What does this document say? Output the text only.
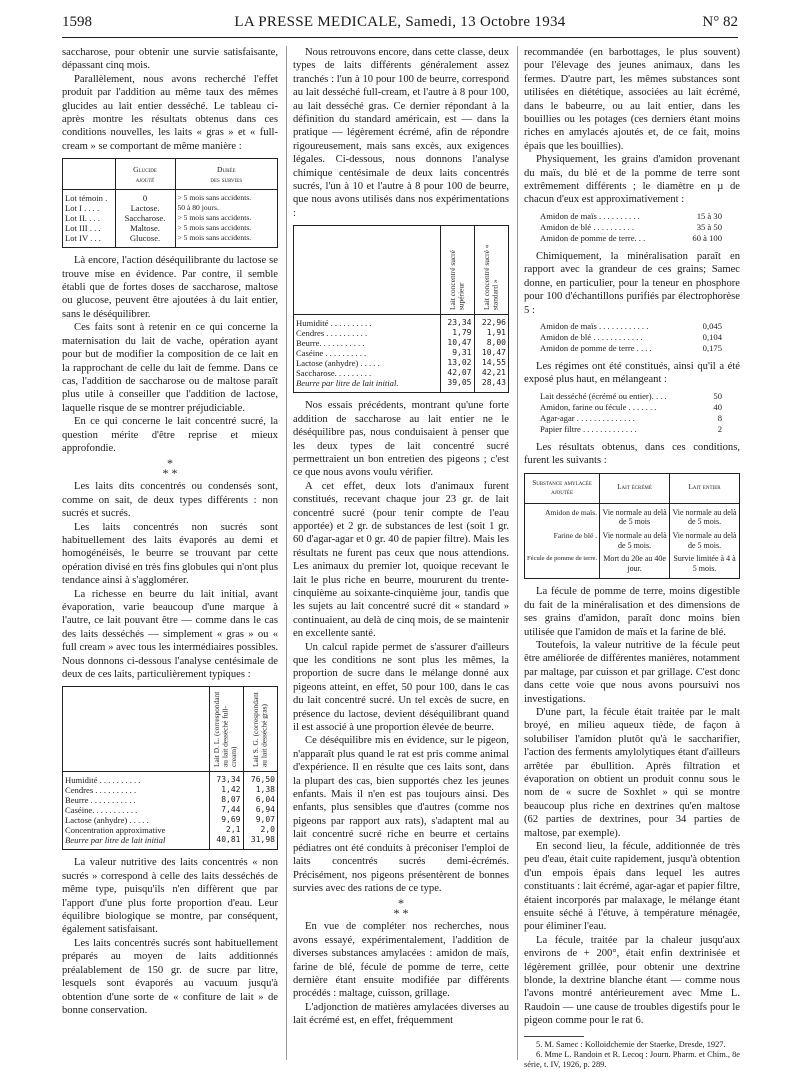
1598	LA PRESSE MEDICALE, Samedi, 13 Octobre 1934	N° 82

saccharose, pour obtenir une survie satisfaisante, dépassant cinq mois.

Parallèlement, nous avons recherché l'effet produit par l'addition au même taux des mêmes glucides au lait entier desséché. Le tableau ci-après montre les résultats obtenus dans ces conditions nouvelles, les laits « gras » et « full-cream » se comportant de même manière :

	Glucide
ajouté	Durée
des survies
Lot témoin .	0	> 5 mois sans accidents.
Lot I . . . .	Lactose.	50 à 80 jours.
Lot II. . . .	Saccharose.	> 5 mois sans accidents.
Lot III . . .	Maltose.	> 5 mois sans accidents.
Lot IV . . .	Glucose.	> 5 mois sans accidents.

Là encore, l'action déséquilibrante du lactose se trouve mise en évidence. Par contre, il semble établi que de fortes doses de saccharose, maltose ou glucose, peuvent être ajoutées à du lait entier, sans le déséquilibrer.

Ces faits sont à retenir en ce qui concerne la maternisation du lait de vache, opération ayant pour but de modifier la composition de ce lait en la rapprochant de celle du lait de femme. Dans ce cas, l'addition de saccharose ou de maltose paraît plus utile à conseiller que l'addition de lactose, laquelle risque de se montrer préjudiciable.

En ce qui concerne le lait concentré sucré, la question mérite d'être reprise et mieux approfondie.

*
* *

Les laits dits concentrés ou condensés sont, comme on sait, de deux types différents : non sucrés et sucrés.

Les laits concentrés non sucrés sont habituellement des laits évaporés au demi et homogénéisés, le beurre se trouvant par cette opération divisé en très fins globules qui n'ont plus tendance ainsi à s'agglomérer.

La richesse en beurre du lait initial, avant évaporation, varie beaucoup d'une marque à l'autre, ce lait pouvant être — comme dans le cas des laits desséchés — simplement « gras » ou « full cream » avec tous les intermédiaires possibles. Nous donnons ci-dessous l'analyse centésimale de deux de ces laits, particulièrement typiques :

	Lait D. L. (correspondant au lait desséché full-cream)	Lait S. G. (correspondant au lait desséché gras)

Humidité . . . . . . . . . .	73,34	76,50
Cendres . . . . . . . . . .	1,42	1,38
Beurre . . . . . . . . . . .	8,07	6,04
Caséine. . . . . . . . . . .	7,44	6,94
Lactose (anhydre) . . . . .	9,69	9,07
Concentration approximative	2,1	2,0
Beurre par litre de lait initial	40,81	31,98

La valeur nutritive des laits concentrés « non sucrés » correspond à celle des laits desséchés de même type, puisqu'ils n'en diffèrent que par l'apport d'une plus forte proportion d'eau. Leur équilibre biologique se montre, par conséquent, également satisfaisant.

Les laits concentrés sucrés sont habituellement préparés au moyen de laits additionnés préalablement de 150 gr. de sucre par litre, lesquels sont évaporés au vacuum jusqu'à obtention d'une sorte de « confiture de lait » de bonne conservation.

Nous retrouvons encore, dans cette classe, deux types de laits différents généralement assez tranchés : l'un à 10 pour 100 de beurre, correspond au lait desséché full-cream, et l'autre à 8 pour 100, au lait desséché gras. Ce dernier répondant à la définition du standard américain, est — dans la pratique — légèrement écrémé, afin de répondre rigoureusement, mais sans excès, aux exigences légales. Ci-dessous, nous donnons l'analyse chimique centésimale de deux laits concentrés sucrés, l'un à 10 et l'autre à 8 pour 100 de beurre, que nous avons utilisés dans nos expérimentations :

	Lait concentré sucré supérieur	Lait concentré sucré « standard »

Humidité . . . . . . . . . .	23,34	22,96
Cendres . . . . . . . . . .	1,79	1,91
Beurre. . . . . . . . . . .	10,47	8,00
Caséine . . . . . . . . . .	9,31	10,47
Lactose (anhydre) . . . . .	13,02	14,55
Saccharose. . . . . . . . .	42,07	42,21
Beurre par litre de lait initial.	39,05	28,43

Nos essais précédents, montrant qu'une forte addition de saccharose au lait entier ne le déséquilibre pas, nous conduisaient à penser que les deux types de lait concentré sucré permettraient un bon entretien des pigeons ; c'est ce que nous avons voulu vérifier.

A cet effet, deux lots d'animaux furent constitués, recevant chaque jour 23 gr. de lait concentré sucré (pour tenir compte de l'eau apportée) et 2 gr. de substances de lest (soit 1 gr. 60 d'agar-agar et 0 gr. 40 de papier filtre). Mais les résultats ne furent pas ceux que nous attendions. Les animaux du premier lot, quoique recevant le lait le plus riche en beurre, moururent du trente-cinquième au soixante-cinquième jour, tandis que les sujets au lait concentré sucré dit « standard » continuaient, au delà de cinq mois, de se maintenir en excellente santé.

Un calcul rapide permet de s'assurer d'ailleurs que les conditions ne sont plus les mêmes, la proportion de sucre dans le mélange donné aux pigeons atteint, en effet, 50 pour 100, dans le cas du lait concentré sucré. Un tel excès de sucre, en présence du lactose, devient déséquilibrant quand il est associé à une proportion élevée de beurre.

Ce déséquilibre mis en évidence, sur le pigeon, n'apparaît plus quand le rat est pris comme animal d'expérience. Il en résulte que ces laits sont, dans la plupart des cas, bien supportés chez les jeunes enfants. Mais il n'en est pas toujours ainsi. Des enfants, plus sensibles que d'autres (comme nos pigeons par rapport aux rats), s'adaptent mal au lait concentré sucré riche en beurre et certains pédiatres ont été conduits à préconiser l'emploi de laits concentrés sucrés demi-écrémés. Précisément, nos pigeons présentèrent de bonnes survies avec des rations de ce type.

*
* *

En vue de compléter nos recherches, nous avons essayé, expérimentalement, l'addition de diverses substances amylacées : amidon de maïs, farine de blé, fécule de pomme de terre, cette dernière étant ensuite modifiée par différents procédés : maltage, cuisson, grillage.

L'adjonction de matières amylacées diverses au lait écrémé est, en effet, fréquemment

recommandée (en barbottages, le plus souvent) pour l'élevage des jeunes animaux, dans les fermes. D'autre part, les mêmes substances sont utilisées en diététique, associées au lait écrémé, dans le babeurre, ou au lait entier, dans les bouillies ou les potages (ces derniers étant moins riches en amylacés ajoutés et, de ce fait, moins épais que les bouillies).

Physiquement, les grains d'amidon provenant du maïs, du blé et de la pomme de terre sont extrêmement différents ; le diamètre en µ de chacun d'eux est approximativement :

Amidon de maïs . . . . . . . . . .	15 à 30
Amidon de blé . . . . . . . . . .	35 à 50
Amidon de pomme de terre. . .	60 à 100

Chimiquement, la minéralisation paraît en rapport avec la grandeur de ces grains; Samec donne, en particulier, pour la teneur en phosphore pour 100 d'échantillons purifiés par électrophorèse 5 :

Amidon de maïs . . . . . . . . . . . .	0,045
Amidon de blé . . . . . . . . . . . .	0,104
Amidon de pomme de terre . . . .	0,175

Les régimes ont été constitués, ainsi qu'il a été exposé plus haut, en mélangeant :

Lait desséché (écrémé ou entier). . . .	50
Amidon, farine ou fécule . . . . . . .	40
Agar-agar . . . . . . . . . . . . . .	8
Papier filtre . . . . . . . . . . . . .	2

Les résultats obtenus, dans ces conditions, furent les suivants :

Substance amylacée ajoutée	Lait écrémé	Lait entier
Amidon de maïs.	Vie normale au delà de 5 mois	Vie normale au delà de 5 mois.
Farine de blé .	Vie normale au delà de 5 mois.	Vie normale au delà de 5 mois.
Fécule de pomme de terre.	Mort du 20e au 40e jour.	Survie limitée à 4 à 5 mois.

La fécule de pomme de terre, moins digestible du fait de la minéralisation et des dimensions de ses grains d'amidon, paraît donc moins bien utilisée que l'amidon de maïs et la farine de blé.

Toutefois, la valeur nutritive de la fécule peut être améliorée de différentes manières, notamment par maltage, par cuisson et par grillage. C'est donc dans cette voie que nous avons poursuivi nos investigations.

D'une part, la fécule était traitée par le malt broyé, en milieu aqueux tiède, de façon à solubiliser l'amidon plutôt qu'à le saccharifier, l'action des ferments amylolytiques étant d'ailleurs arrêtée par ébullition. Après filtration et évaporation on obtient un produit connu sous le nom de « sucre de Soxhlet » qui se montre beaucoup plus riche en dextrines qu'en maltose (62 parties de dextrines, pour 34 parties de maltose, par exemple).

En second lieu, la fécule, additionnée de très peu d'eau, était cuite rapidement, jusqu'à obtention d'un empois épais dans lequel les autres constituants : lait écrémé, agar-agar et papier filtre, étaient incorporés par malaxage, le mélange étant ensuite séché à l'étuve, à température ménagée, pour éliminer l'eau.

La fécule, traitée par la chaleur jusqu'aux environs de + 200°, était enfin dextrinisée et légèrement grillée, pour obtenir une dextrine blonde, la dextrine blanche étant — comme nous l'avons montré antérieurement avec Mme L. Raudoin — une cause de troubles digestifs pour le pigeon comme pour le rat 6.

5. M. Samec : Kolloidchemie der Staerke, Dresde, 1927.

6. Mme L. Randoin et R. Lecoq : Journ. Pharm. et Chim., 8e série, t. IV, 1926, p. 289.
